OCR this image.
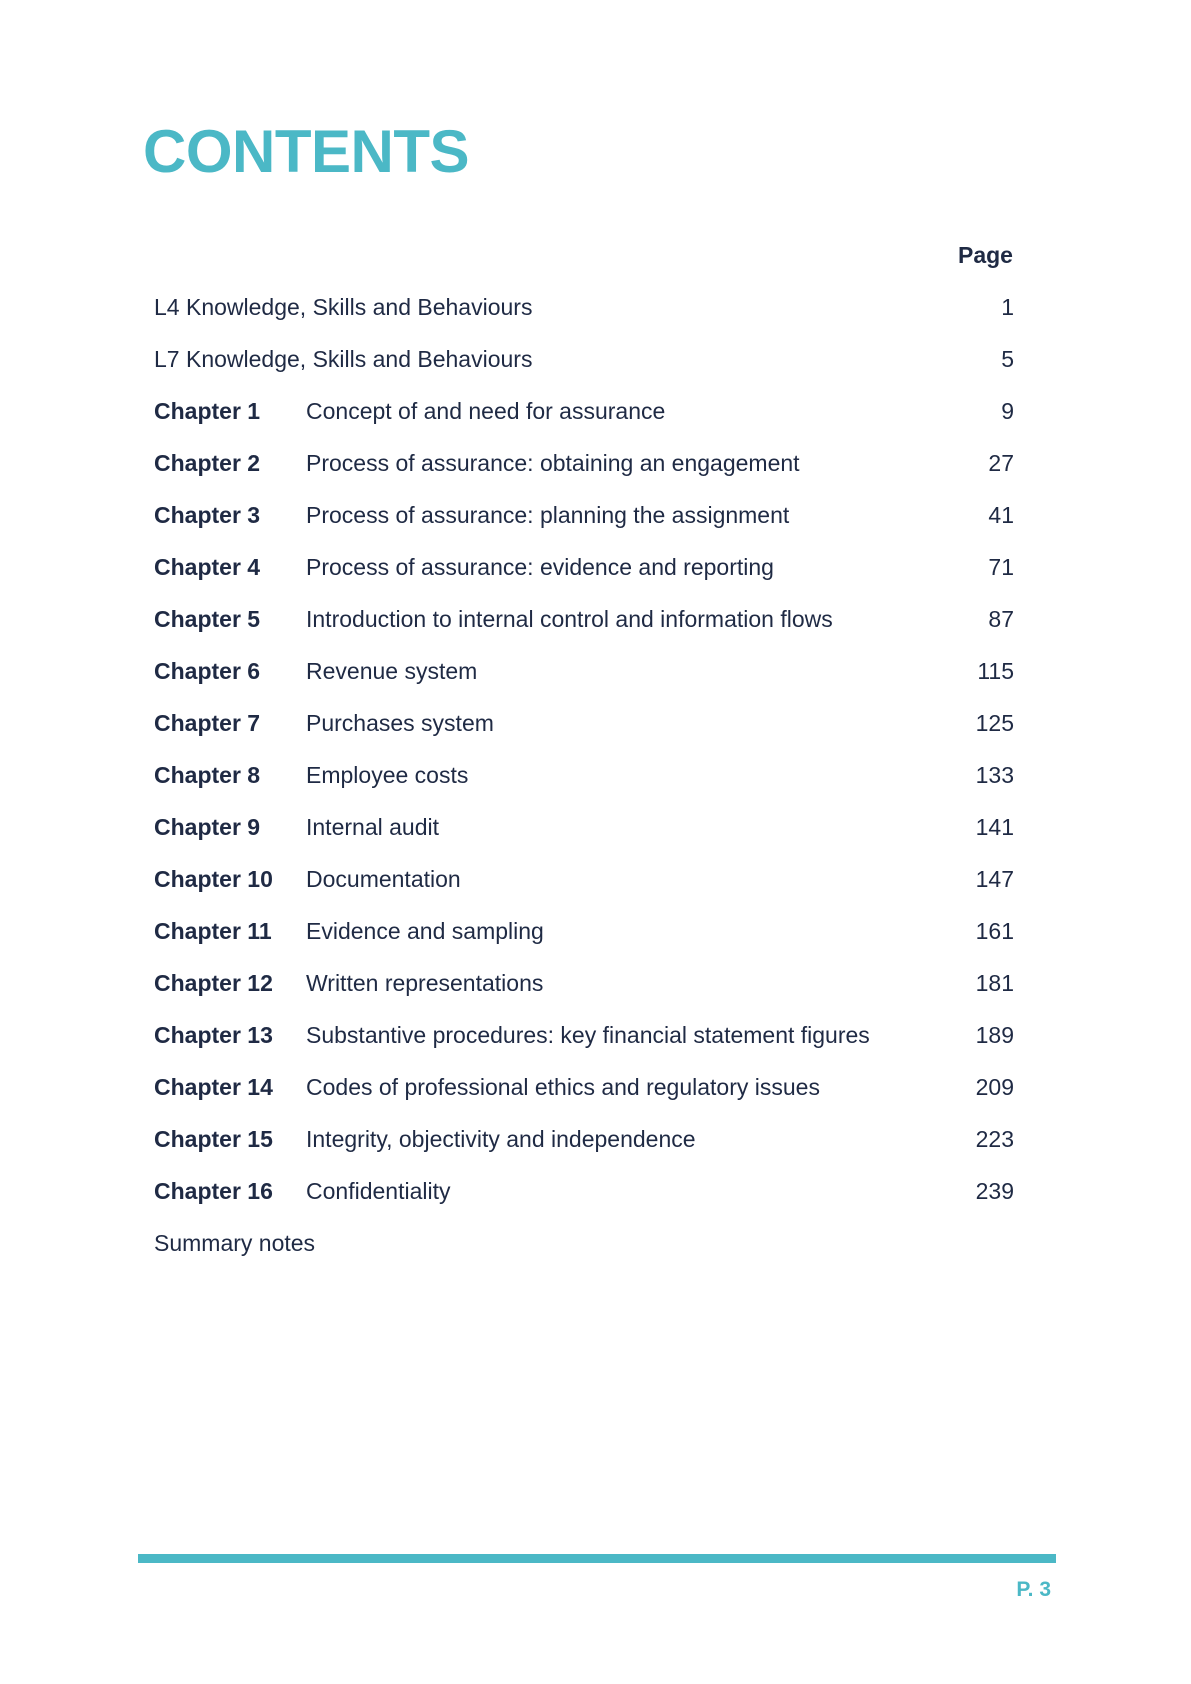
CONTENTS
Page
L4 Knowledge, Skills and Behaviours	1
L7 Knowledge, Skills and Behaviours	5
Chapter 1 Concept of and need for assurance	9
Chapter 2 Process of assurance: obtaining an engagement	27
Chapter 3 Process of assurance: planning the assignment	41
Chapter 4 Process of assurance: evidence and reporting	71
Chapter 5 Introduction to internal control and information flows	87
Chapter 6 Revenue system	115
Chapter 7 Purchases system	125
Chapter 8 Employee costs	133
Chapter 9 Internal audit	141
Chapter 10 Documentation	147
Chapter 11 Evidence and sampling	161
Chapter 12 Written representations	181
Chapter 13 Substantive procedures: key financial statement figures	189
Chapter 14 Codes of professional ethics and regulatory issues	209
Chapter 15 Integrity, objectivity and independence	223
Chapter 16 Confidentiality	239
Summary notes
P. 3
